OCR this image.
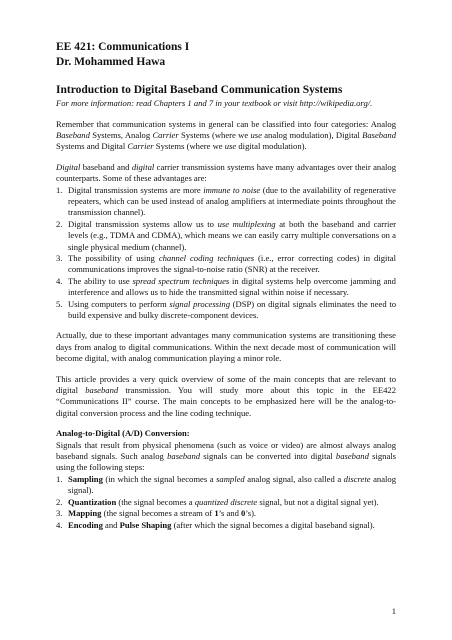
EE 421: Communications I
Dr. Mohammed Hawa
Introduction to Digital Baseband Communication Systems
For more information: read Chapters 1 and 7 in your textbook or visit http://wikipedia.org/.

Remember that communication systems in general can be classified into four categories: Analog Baseband Systems, Analog Carrier Systems (where we use analog modulation), Digital Baseband Systems and Digital Carrier Systems (where we use digital modulation).

Digital baseband and digital carrier transmission systems have many advantages over their analog counterparts. Some of these advantages are:

1. Digital transmission systems are more immune to noise (due to the availability of regenerative repeaters, which can be used instead of analog amplifiers at intermediate points throughout the transmission channel).
2. Digital transmission systems allow us to use multiplexing at both the baseband and carrier levels (e.g., TDMA and CDMA), which means we can easily carry multiple conversations on a single physical medium (channel).
3. The possibility of using channel coding techniques (i.e., error correcting codes) in digital communications improves the signal-to-noise ratio (SNR) at the receiver.
4. The ability to use spread spectrum techniques in digital systems help overcome jamming and interference and allows us to hide the transmitted signal within noise if necessary.
5. Using computers to perform signal processing (DSP) on digital signals eliminates the need to build expensive and bulky discrete-component devices.

Actually, due to these important advantages many communication systems are transitioning these days from analog to digital communications. Within the next decade most of communication will become digital, with analog communication playing a minor role.

This article provides a very quick overview of some of the main concepts that are relevant to digital baseband transmission. You will study more about this topic in the EE422 “Communications II” course. The main concepts to be emphasized here will be the analog-to-digital conversion process and the line coding technique.

Analog-to-Digital (A/D) Conversion:

Signals that result from physical phenomena (such as voice or video) are almost always analog baseband signals. Such analog baseband signals can be converted into digital baseband signals using the following steps:

1. Sampling (in which the signal becomes a sampled analog signal, also called a discrete analog signal).
2. Quantization (the signal becomes a quantized discrete signal, but not a digital signal yet).
3. Mapping (the signal becomes a stream of 1’s and 0’s).
4. Encoding and Pulse Shaping (after which the signal becomes a digital baseband signal).
1
